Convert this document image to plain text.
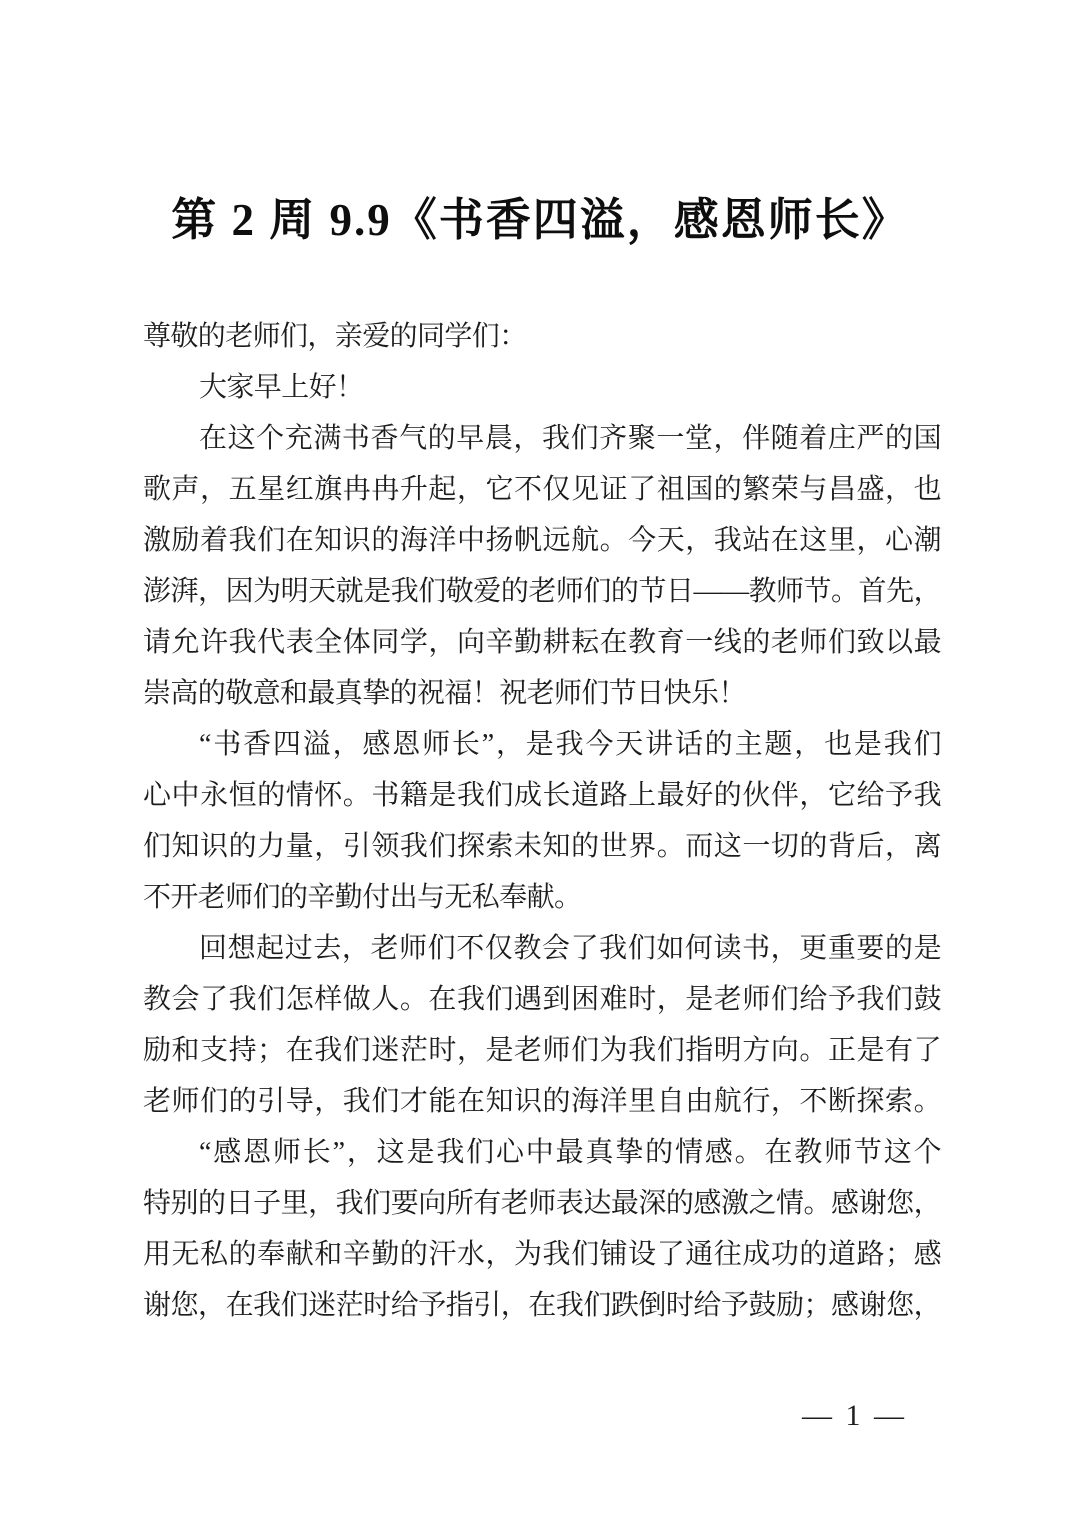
第 2 周 9.9《书香四溢，感恩师长》
尊敬的老师们，亲爱的同学们：
大家早上好！
在这个充满书香气的早晨，我们齐聚一堂，伴随着庄严的国
歌声，五星红旗冉冉升起，它不仅见证了祖国的繁荣与昌盛，也
激励着我们在知识的海洋中扬帆远航。今天，我站在这里，心潮
澎湃，因为明天就是我们敬爱的老师们的节日——教师节。首先，
请允许我代表全体同学，向辛勤耕耘在教育一线的老师们致以最
崇高的敬意和最真挚的祝福！祝老师们节日快乐！
“书香四溢，感恩师长”，是我今天讲话的主题，也是我们
心中永恒的情怀。书籍是我们成长道路上最好的伙伴，它给予我
们知识的力量，引领我们探索未知的世界。而这一切的背后，离
不开老师们的辛勤付出与无私奉献。
回想起过去，老师们不仅教会了我们如何读书，更重要的是
教会了我们怎样做人。在我们遇到困难时，是老师们给予我们鼓
励和支持；在我们迷茫时，是老师们为我们指明方向。正是有了
老师们的引导，我们才能在知识的海洋里自由航行，不断探索。
“感恩师长”，这是我们心中最真挚的情感。在教师节这个
特别的日子里，我们要向所有老师表达最深的感激之情。感谢您，
用无私的奉献和辛勤的汗水，为我们铺设了通往成功的道路；感
谢您，在我们迷茫时给予指引，在我们跌倒时给予鼓励；感谢您，
— 1 —
